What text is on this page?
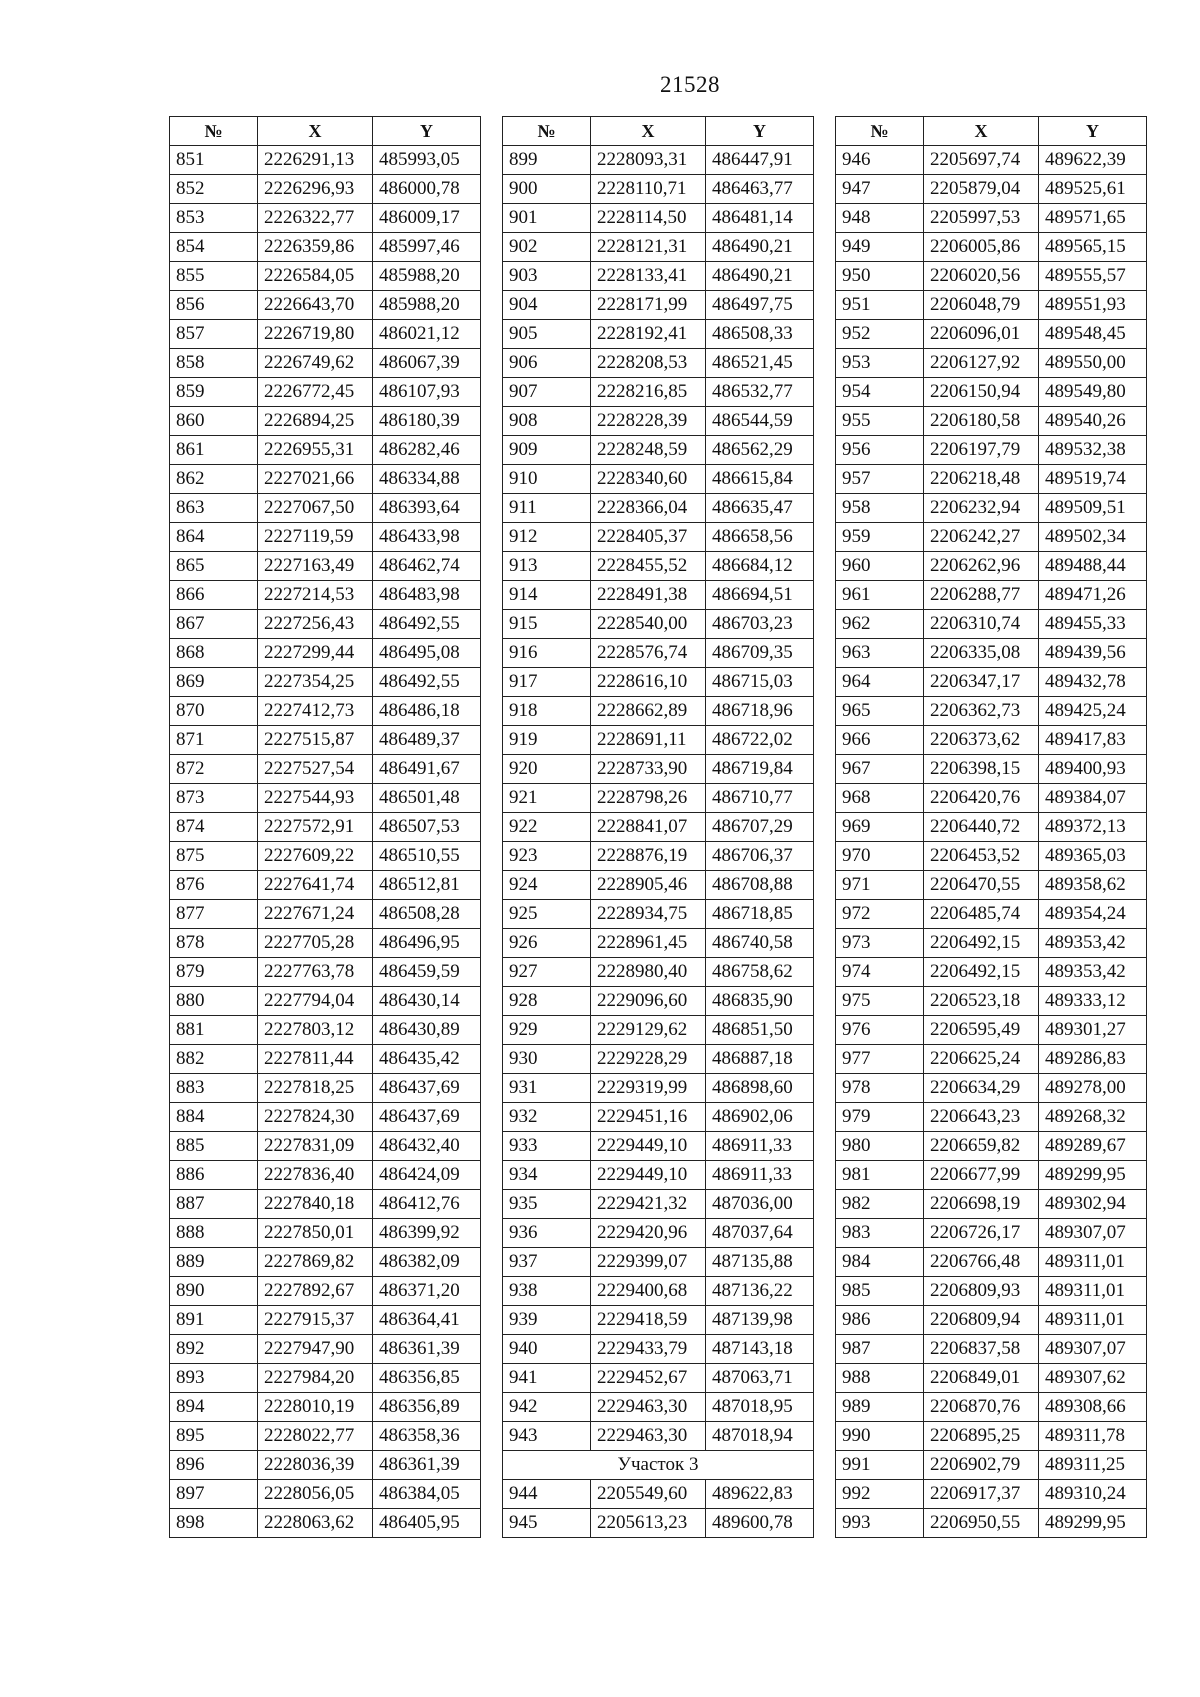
21528
№	X	Y
851	2226291,13	485993,05
852	2226296,93	486000,78
853	2226322,77	486009,17
854	2226359,86	485997,46
855	2226584,05	485988,20
856	2226643,70	485988,20
857	2226719,80	486021,12
858	2226749,62	486067,39
859	2226772,45	486107,93
860	2226894,25	486180,39
861	2226955,31	486282,46
862	2227021,66	486334,88
863	2227067,50	486393,64
864	2227119,59	486433,98
865	2227163,49	486462,74
866	2227214,53	486483,98
867	2227256,43	486492,55
868	2227299,44	486495,08
869	2227354,25	486492,55
870	2227412,73	486486,18
871	2227515,87	486489,37
872	2227527,54	486491,67
873	2227544,93	486501,48
874	2227572,91	486507,53
875	2227609,22	486510,55
876	2227641,74	486512,81
877	2227671,24	486508,28
878	2227705,28	486496,95
879	2227763,78	486459,59
880	2227794,04	486430,14
881	2227803,12	486430,89
882	2227811,44	486435,42
883	2227818,25	486437,69
884	2227824,30	486437,69
885	2227831,09	486432,40
886	2227836,40	486424,09
887	2227840,18	486412,76
888	2227850,01	486399,92
889	2227869,82	486382,09
890	2227892,67	486371,20
891	2227915,37	486364,41
892	2227947,90	486361,39
893	2227984,20	486356,85
894	2228010,19	486356,89
895	2228022,77	486358,36
896	2228036,39	486361,39
897	2228056,05	486384,05
898	2228063,62	486405,95
№	X	Y
899	2228093,31	486447,91
900	2228110,71	486463,77
901	2228114,50	486481,14
902	2228121,31	486490,21
903	2228133,41	486490,21
904	2228171,99	486497,75
905	2228192,41	486508,33
906	2228208,53	486521,45
907	2228216,85	486532,77
908	2228228,39	486544,59
909	2228248,59	486562,29
910	2228340,60	486615,84
911	2228366,04	486635,47
912	2228405,37	486658,56
913	2228455,52	486684,12
914	2228491,38	486694,51
915	2228540,00	486703,23
916	2228576,74	486709,35
917	2228616,10	486715,03
918	2228662,89	486718,96
919	2228691,11	486722,02
920	2228733,90	486719,84
921	2228798,26	486710,77
922	2228841,07	486707,29
923	2228876,19	486706,37
924	2228905,46	486708,88
925	2228934,75	486718,85
926	2228961,45	486740,58
927	2228980,40	486758,62
928	2229096,60	486835,90
929	2229129,62	486851,50
930	2229228,29	486887,18
931	2229319,99	486898,60
932	2229451,16	486902,06
933	2229449,10	486911,33
934	2229449,10	486911,33
935	2229421,32	487036,00
936	2229420,96	487037,64
937	2229399,07	487135,88
938	2229400,68	487136,22
939	2229418,59	487139,98
940	2229433,79	487143,18
941	2229452,67	487063,71
942	2229463,30	487018,95
943	2229463,30	487018,94
Участок 3		
944	2205549,60	489622,83
945	2205613,23	489600,78
№	X	Y
946	2205697,74	489622,39
947	2205879,04	489525,61
948	2205997,53	489571,65
949	2206005,86	489565,15
950	2206020,56	489555,57
951	2206048,79	489551,93
952	2206096,01	489548,45
953	2206127,92	489550,00
954	2206150,94	489549,80
955	2206180,58	489540,26
956	2206197,79	489532,38
957	2206218,48	489519,74
958	2206232,94	489509,51
959	2206242,27	489502,34
960	2206262,96	489488,44
961	2206288,77	489471,26
962	2206310,74	489455,33
963	2206335,08	489439,56
964	2206347,17	489432,78
965	2206362,73	489425,24
966	2206373,62	489417,83
967	2206398,15	489400,93
968	2206420,76	489384,07
969	2206440,72	489372,13
970	2206453,52	489365,03
971	2206470,55	489358,62
972	2206485,74	489354,24
973	2206492,15	489353,42
974	2206492,15	489353,42
975	2206523,18	489333,12
976	2206595,49	489301,27
977	2206625,24	489286,83
978	2206634,29	489278,00
979	2206643,23	489268,32
980	2206659,82	489289,67
981	2206677,99	489299,95
982	2206698,19	489302,94
983	2206726,17	489307,07
984	2206766,48	489311,01
985	2206809,93	489311,01
986	2206809,94	489311,01
987	2206837,58	489307,07
988	2206849,01	489307,62
989	2206870,76	489308,66
990	2206895,25	489311,78
991	2206902,79	489311,25
992	2206917,37	489310,24
993	2206950,55	489299,95
